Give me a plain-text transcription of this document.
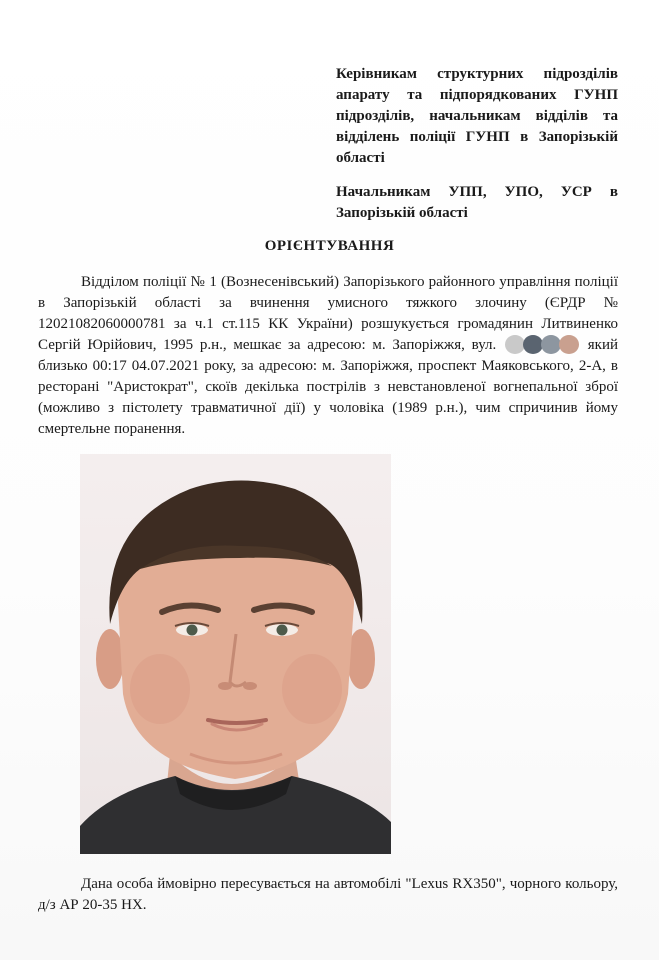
Керівникам структурних підрозділів апарату та підпорядкованих ГУНП підрозділів, начальникам відділів та відділень поліції ГУНП в Запорізькій області
Начальникам УПП, УПО, УСР в Запорізькій області
ОРІЄНТУВАННЯ

Відділом поліції № 1 (Вознесенівський) Запорізького районного управління поліції в Запорізькій області за вчинення умисного тяжкого злочину (ЄРДР № 12021082060000781 за ч.1 ст.115 КК України) розшукується громадянин Литвиненко Сергій Юрійович, 1995 р.н., мешкає за адресою: м. Запоріжжя, вул.	який близько 00:17 04.07.2021 року, за адресою: м. Запоріжжя, проспект Маяковського, 2-А, в ресторані "Аристократ", скоїв декілька пострілів з невстановленої вогнепальної зброї (можливо з пістолету травматичної дії) у чоловіка (1989 р.н.), чим спричинив йому смертельне поранення.

Дана особа ймовірно пересувається на автомобілі "Lexus RX350", чорного кольору, д/з АР 20-35 НХ.
